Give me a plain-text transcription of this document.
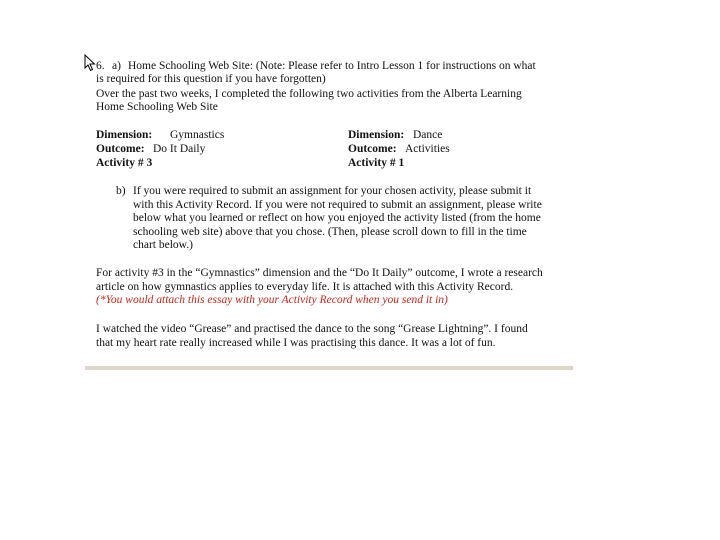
6. a) Home Schooling Web Site: (Note: Please refer to Intro Lesson 1 for instructions on what
is required for this question if you have forgotten)
Over the past two weeks, I completed the following two activities from the Alberta Learning
Home Schooling Web Site
Dimension: Gymnastics
Outcome: Do It Daily
Activity # 3
Dimension: Dance
Outcome: Activities
Activity # 1
b) If you were required to submit an assignment for your chosen activity, please submit it
with this Activity Record. If you were not required to submit an assignment, please write
below what you learned or reflect on how you enjoyed the activity listed (from the home
schooling web site) above that you chose. (Then, please scroll down to fill in the time
chart below.)
For activity #3 in the “Gymnastics” dimension and the “Do It Daily” outcome, I wrote a research
article on how gymnastics applies to everyday life. It is attached with this Activity Record.
(*You would attach this essay with your Activity Record when you send it in)
I watched the video “Grease” and practised the dance to the song “Grease Lightning”. I found
that my heart rate really increased while I was practising this dance. It was a lot of fun.
